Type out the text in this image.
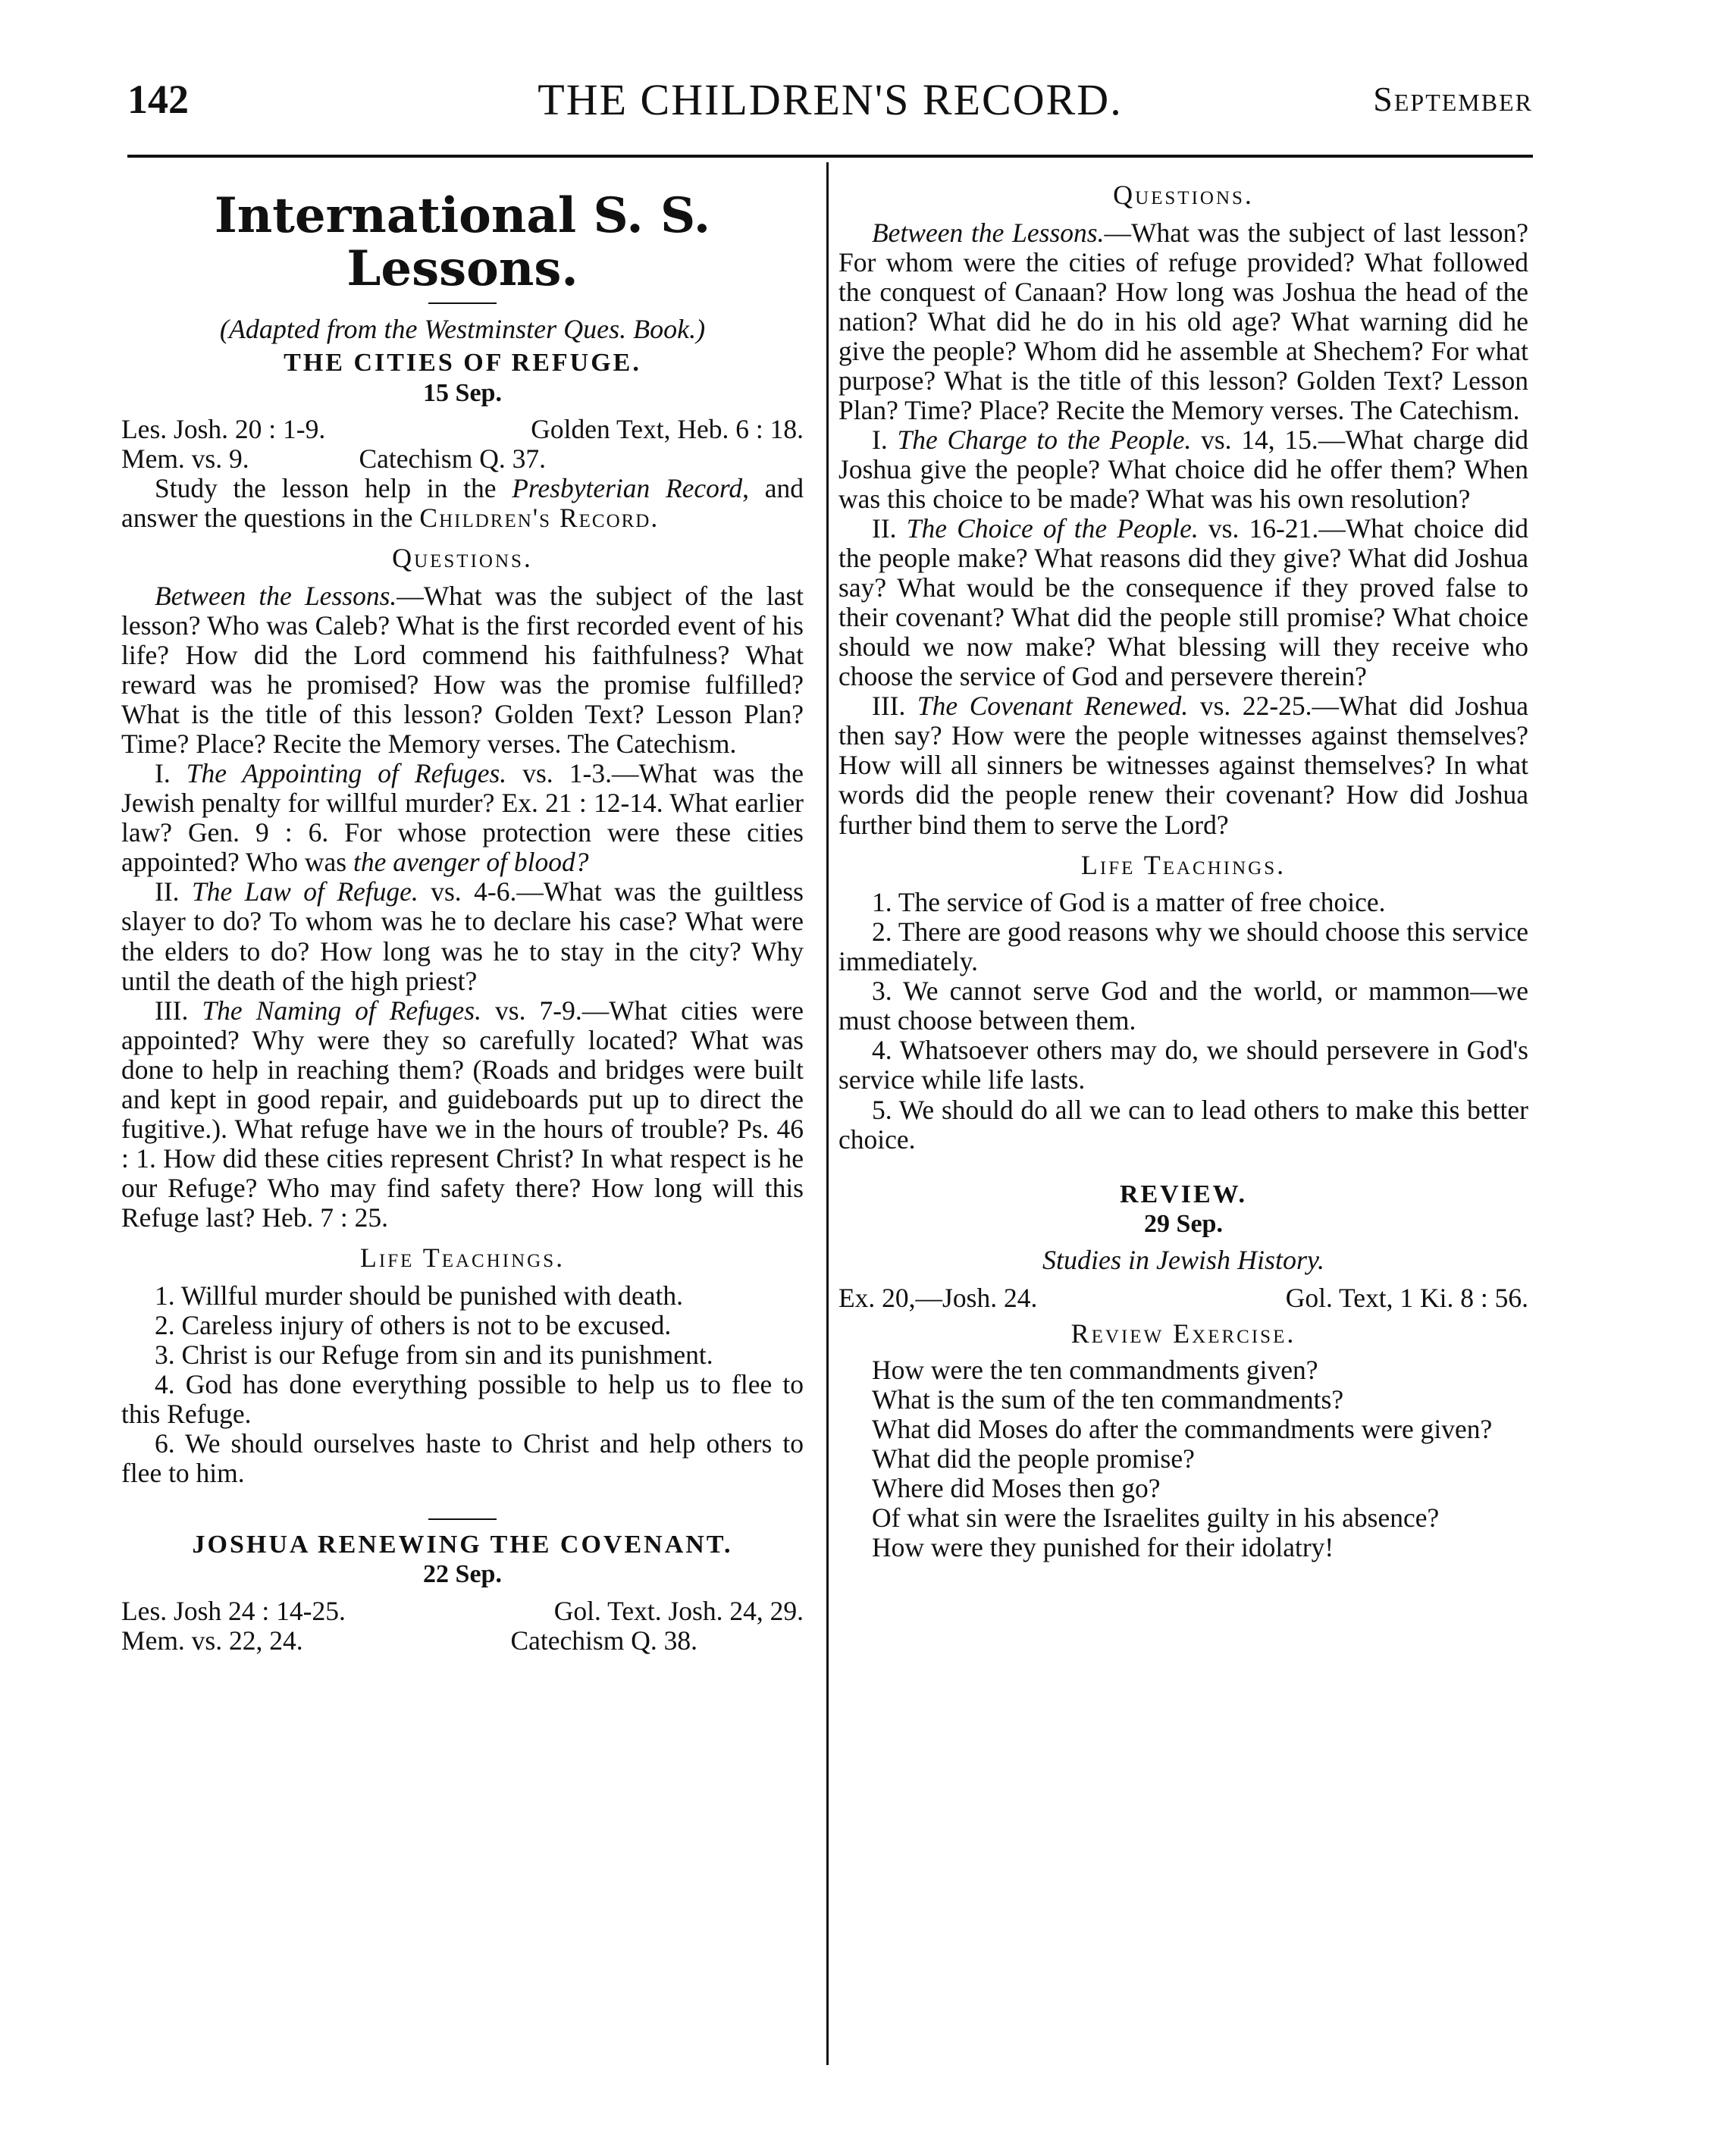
142	THE CHILDREN'S RECORD.	September
International S. S. Lessons.
(Adapted from the Westminster Ques. Book.)
THE CITIES OF REFUGE.
15 Sep.
Les. Josh. 20 : 1-9.	Golden Text, Heb. 6 : 18.
Mem. vs. 9.	Catechism Q. 37.

Study the lesson help in the Presbyterian Record, and answer the questions in the Children's Record.

Questions.

Between the Lessons.—What was the subject of the last lesson? Who was Caleb? What is the first recorded event of his life? How did the Lord commend his faithfulness? What reward was he promised? How was the promise fulfilled? What is the title of this lesson? Golden Text? Lesson Plan? Time? Place? Recite the Memory verses. The Catechism.

I. The Appointing of Refuges. vs. 1-3.—What was the Jewish penalty for willful murder? Ex. 21 : 12-14. What earlier law? Gen. 9 : 6. For whose protection were these cities appointed? Who was the avenger of blood?

II. The Law of Refuge. vs. 4-6.—What was the guiltless slayer to do? To whom was he to declare his case? What were the elders to do? How long was he to stay in the city? Why until the death of the high priest?

III. The Naming of Refuges. vs. 7-9.—What cities were appointed? Why were they so carefully located? What was done to help in reaching them? (Roads and bridges were built and kept in good repair, and guideboards put up to direct the fugitive.). What refuge have we in the hours of trouble? Ps. 46 : 1. How did these cities represent Christ? In what respect is he our Refuge? Who may find safety there? How long will this Refuge last? Heb. 7 : 25.

Life Teachings.

1. Willful murder should be punished with death.

2. Careless injury of others is not to be excused.

3. Christ is our Refuge from sin and its punishment.

4. God has done everything possible to help us to flee to this Refuge.

6. We should ourselves haste to Christ and help others to flee to him.

JOSHUA RENEWING THE COVENANT.
22 Sep.
Les. Josh 24 : 14-25.	Gol. Text. Josh. 24, 29.
Mem. vs. 22, 24.	Catechism Q. 38.
Questions.

Between the Lessons.—What was the subject of last lesson? For whom were the cities of refuge provided? What followed the conquest of Canaan? How long was Joshua the head of the nation? What did he do in his old age? What warning did he give the people? Whom did he assemble at Shechem? For what purpose? What is the title of this lesson? Golden Text? Lesson Plan? Time? Place? Recite the Memory verses. The Catechism.

I. The Charge to the People. vs. 14, 15.—What charge did Joshua give the people? What choice did he offer them? When was this choice to be made? What was his own resolution?

II. The Choice of the People. vs. 16-21.—What choice did the people make? What reasons did they give? What did Joshua say? What would be the consequence if they proved false to their covenant? What did the people still promise? What choice should we now make? What blessing will they receive who choose the service of God and persevere therein?

III. The Covenant Renewed. vs. 22-25.—What did Joshua then say? How were the people witnesses against themselves? How will all sinners be witnesses against themselves? In what words did the people renew their covenant? How did Joshua further bind them to serve the Lord?

Life Teachings.

1. The service of God is a matter of free choice.

2. There are good reasons why we should choose this service immediately.

3. We cannot serve God and the world, or mammon—we must choose between them.

4. Whatsoever others may do, we should persevere in God's service while life lasts.

5. We should do all we can to lead others to make this better choice.

REVIEW.
29 Sep.
Studies in Jewish History.
Ex. 20,—Josh. 24.	Gol. Text, 1 Ki. 8 : 56.
Review Exercise.

How were the ten commandments given?

What is the sum of the ten commandments?

What did Moses do after the commandments were given?

What did the people promise?

Where did Moses then go?

Of what sin were the Israelites guilty in his absence?

How were they punished for their idolatry!
